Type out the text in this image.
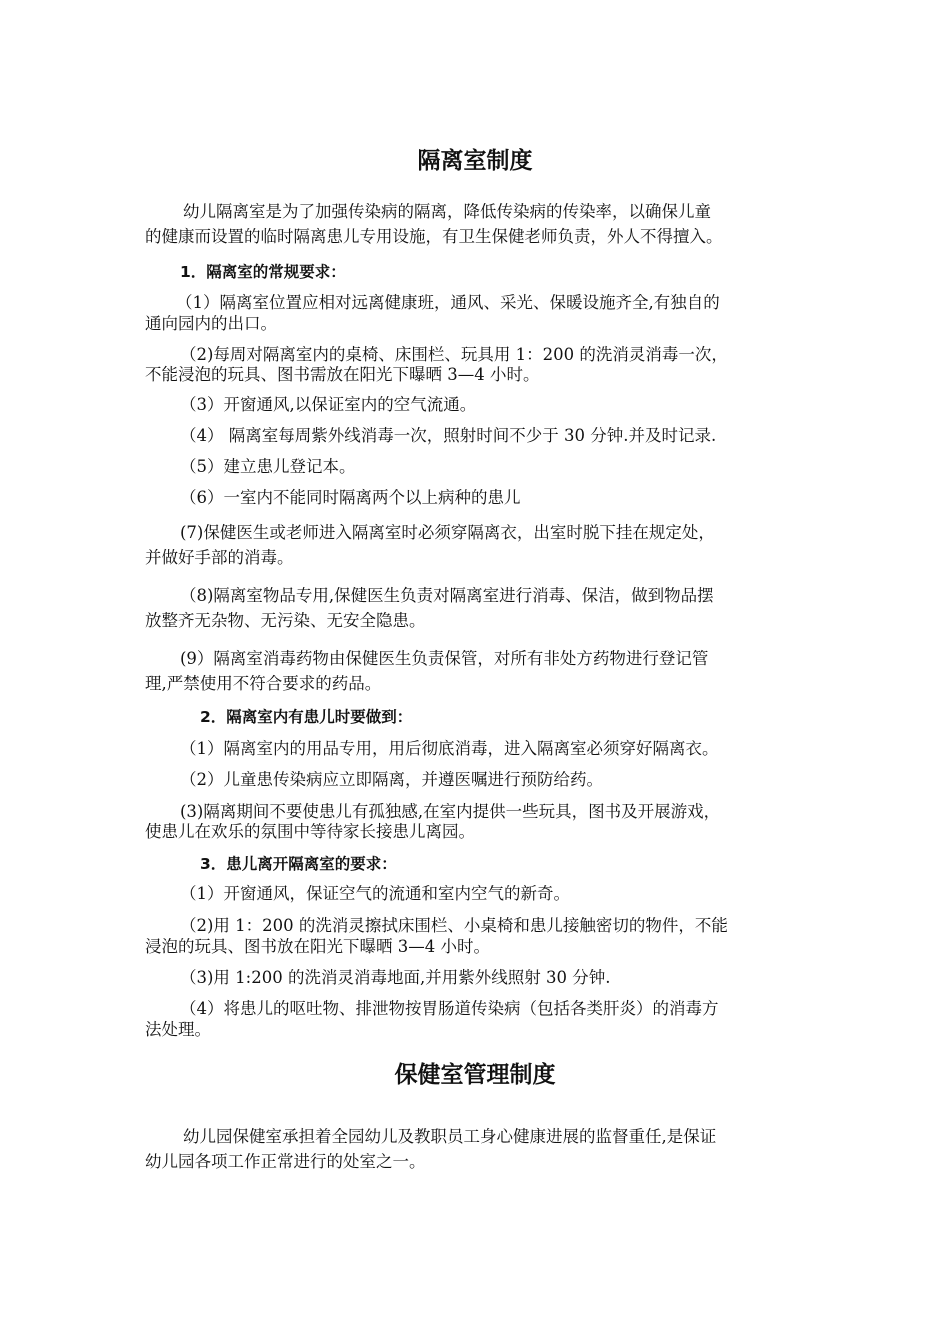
隔离室制度

幼儿隔离室是为了加强传染病的隔离，降低传染病的传染率，以确保儿童

的健康而设置的临时隔离患儿专用设施，有卫生保健老师负责，外人不得擅入。

1．隔离室的常规要求：

（1）隔离室位置应相对远离健康班，通风、采光、保暖设施齐全,有独自的

通向园内的出口。

（2)每周对隔离室内的桌椅、床围栏、玩具用 1：200 的洗消灵消毒一次，

不能浸泡的玩具、图书需放在阳光下曝晒 3—4 小时。

（3）开窗通风,以保证室内的空气流通。

（4） 隔离室每周紫外线消毒一次，照射时间不少于 30 分钟.并及时记录.

（5）建立患儿登记本。

（6）一室内不能同时隔离两个以上病种的患儿

(7)保健医生或老师进入隔离室时必须穿隔离衣，出室时脱下挂在规定处，

并做好手部的消毒。

（8)隔离室物品专用,保健医生负责对隔离室进行消毒、保洁，做到物品摆

放整齐无杂物、无污染、无安全隐患。

(9）隔离室消毒药物由保健医生负责保管，对所有非处方药物进行登记管

理,严禁使用不符合要求的药品。

2．隔离室内有患儿时要做到：

（1）隔离室内的用品专用，用后彻底消毒，进入隔离室必须穿好隔离衣。

（2）儿童患传染病应立即隔离，并遵医嘱进行预防给药。

(3)隔离期间不要使患儿有孤独感,在室内提供一些玩具，图书及开展游戏，

使患儿在欢乐的氛围中等待家长接患儿离园。

3．患儿离开隔离室的要求：

（1）开窗通风，保证空气的流通和室内空气的新奇。

（2)用 1：200 的洗消灵擦拭床围栏、小桌椅和患儿接触密切的物件，不能

浸泡的玩具、图书放在阳光下曝晒 3—4 小时。

（3)用 1:200 的洗消灵消毒地面,并用紫外线照射 30 分钟.

（4）将患儿的呕吐物、排泄物按胃肠道传染病（包括各类肝炎）的消毒方

法处理。

保健室管理制度

幼儿园保健室承担着全园幼儿及教职员工身心健康进展的监督重任,是保证

幼儿园各项工作正常进行的处室之一。
